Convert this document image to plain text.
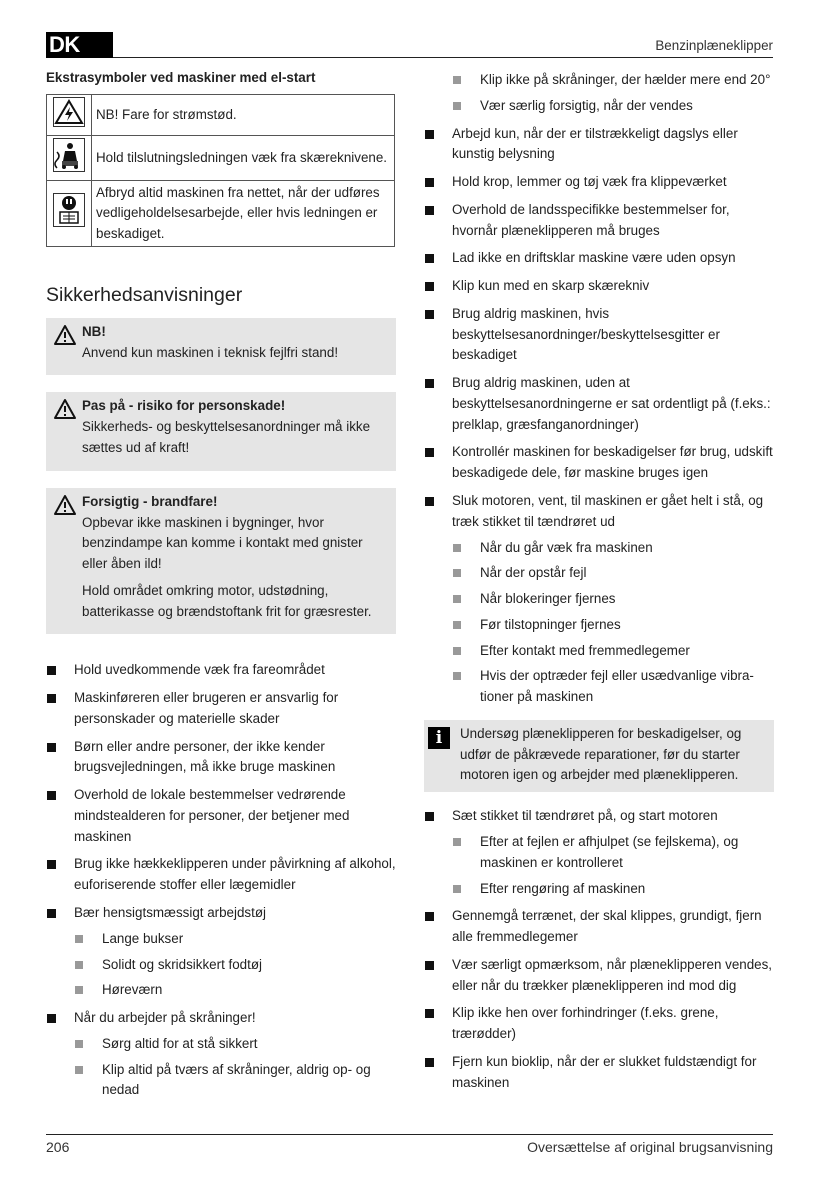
DK	Benzinplæneklipper
Ekstrasymboler ved maskiner med el-start
	NB! Fare for strømstød.
	Hold tilslutningsledningen væk fra skæreknivene.
	Afbryd altid maskinen fra nettet, når der udføres vedligeholdelsesarbejde, eller hvis ledningen er beskadiget.
Sikkerhedsanvisninger
NB!
Anvend kun maskinen i teknisk fejlfri stand!
Pas på - risiko for personskade!
Sikkerheds- og beskyttelsesanordninger må ikke sættes ud af kraft!
Forsigtig - brandfare!
Opbevar ikke maskinen i bygninger, hvor benzindampe kan komme i kontakt med gnister eller åben ild!
Hold området omkring motor, udstødning, batterikasse og brændstoftank frit for græsrester.
Hold uvedkommende væk fra fareområdet
Maskinføreren eller brugeren er ansvarlig for personskader og materielle skader
Børn eller andre personer, der ikke kender brugsvejledningen, må ikke bruge maskinen
Overhold de lokale bestemmelser vedrørende mindstealderen for personer, der betjener med maskinen
Brug ikke hækkeklipperen under påvirkning af alkohol, euforiserende stoffer eller lægemidler
Bær hensigtsmæssigt arbejdstøj
Lange bukser
Solidt og skridsikkert fodtøj
Høreværn
Når du arbejder på skråninger!
Sørg altid for at stå sikkert
Klip altid på tværs af skråninger, aldrig op- og nedad
Klip ikke på skråninger, der hælder mere end 20°
Vær særlig forsigtig, når der vendes
Arbejd kun, når der er tilstrækkeligt dagslys eller kunstig belysning
Hold krop, lemmer og tøj væk fra klippeværket
Overhold de landsspecifikke bestemmelser for, hvornår plæneklipperen må bruges
Lad ikke en driftsklar maskine være uden opsyn
Klip kun med en skarp skærekniv
Brug aldrig maskinen, hvis beskyttelsesanordninger/beskyttelsesgitter er beskadiget
Brug aldrig maskinen, uden at beskyttelsesanordningerne er sat ordentligt på (f.eks.: prelklap, græsfanganordninger)
Kontrollér maskinen for beskadigelser før brug, udskift beskadigede dele, før maskine bruges igen
Sluk motoren, vent, til maskinen er gået helt i stå, og træk stikket til tændrøret ud
Når du går væk fra maskinen
Når der opstår fejl
Når blokeringer fjernes
Før tilstopninger fjernes
Efter kontakt med fremmedlegemer
Hvis der optræder fejl eller usædvanlige vibra- tioner på maskinen
i	Undersøg plæneklipperen for beskadigelser, og udfør de påkrævede reparationer, før du starter motoren igen og arbejder med plæneklipperen.
Sæt stikket til tændrøret på, og start motoren
Efter at fejlen er afhjulpet (se fejlskema), og maskinen er kontrolleret
Efter rengøring af maskinen
Gennemgå terrænet, der skal klippes, grundigt, fjern alle fremmedlegemer
Vær særligt opmærksom, når plæneklipperen vendes, eller når du trækker plæneklipperen ind mod dig
Klip ikke hen over forhindringer (f.eks. grene, trærødder)
Fjern kun bioklip, når der er slukket fuldstændigt for maskinen
206	Oversættelse af original brugsanvisning
